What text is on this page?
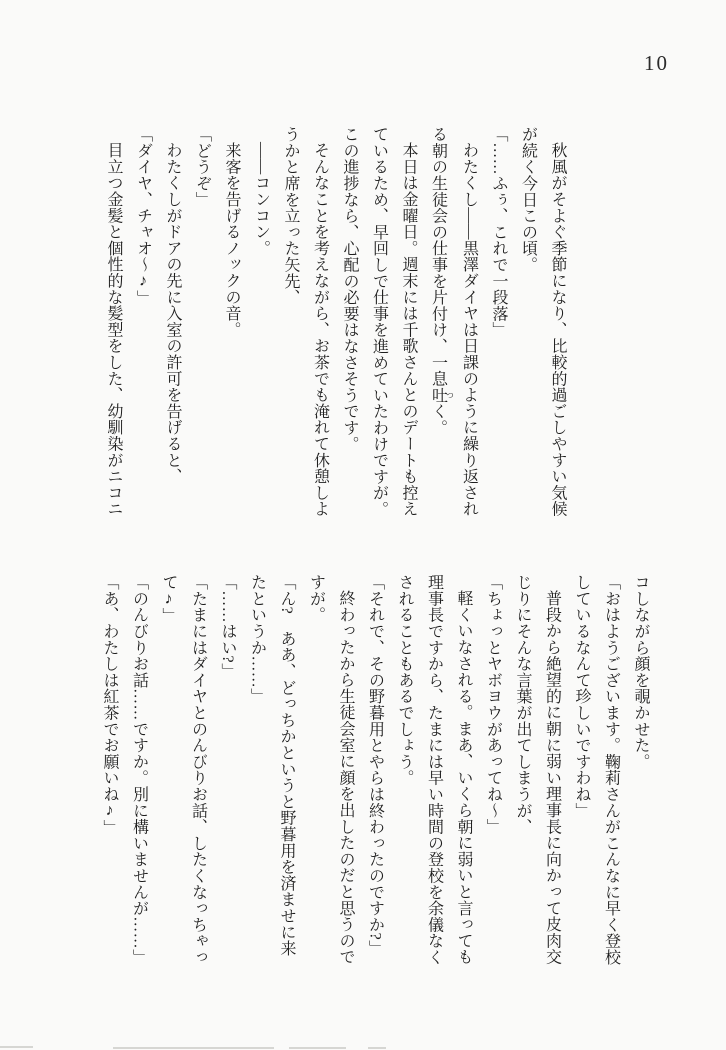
10
秋風がそよぐ季節になり、比較的過ごしやすい気候
が続く今日この頃。
「……ふぅ、これで一段落」
わたくし――黒澤ダイヤは日課のように繰り返され
る朝の生徒会の仕事を片付け、一息吐 つく。
本日は金曜日。週末には千歌さんとのデートも控え
ているため、早回しで仕事を進めていたわけですが。
この進捗なら、心配の必要はなさそうです。
そんなことを考えながら、お茶でも淹れて休憩しよ
うかと席を立った矢先、
――コンコン。
来客を告げるノックの音。
「どうぞ」
わたくしがドアの先に入室の許可を告げると、
「ダイヤ、チャオ〜♪」
目立つ金髪と個性的な髪型をした、幼馴染がニコニ
コしながら顔を覗かせた。
「おはようございます。鞠莉さんがこんなに早く登校
しているなんて珍しいですわね」
普段から絶望的に朝に弱い理事長に向かって皮肉交
じりにそんな言葉が出てしまうが、
「ちょっとヤボヨウがあってね〜」
軽くいなされる。まあ、いくら朝に弱いと言っても
理事長ですから、たまには早い時間の登校を余儀なく
されることもあるでしょう。
「それで、その野暮用とやらは終わったのですか?」
終わったから生徒会室に顔を出したのだと思うので
すが。
「ん?　ああ、どっちかというと野暮用を済ませに来
たというか……」
「……はい?」
「たまにはダイヤとのんびりお話、したくなっちゃっ
て♪」
「のんびりお話……ですか。別に構いませんが……」
「あ、わたしは紅茶でお願いね♪」
